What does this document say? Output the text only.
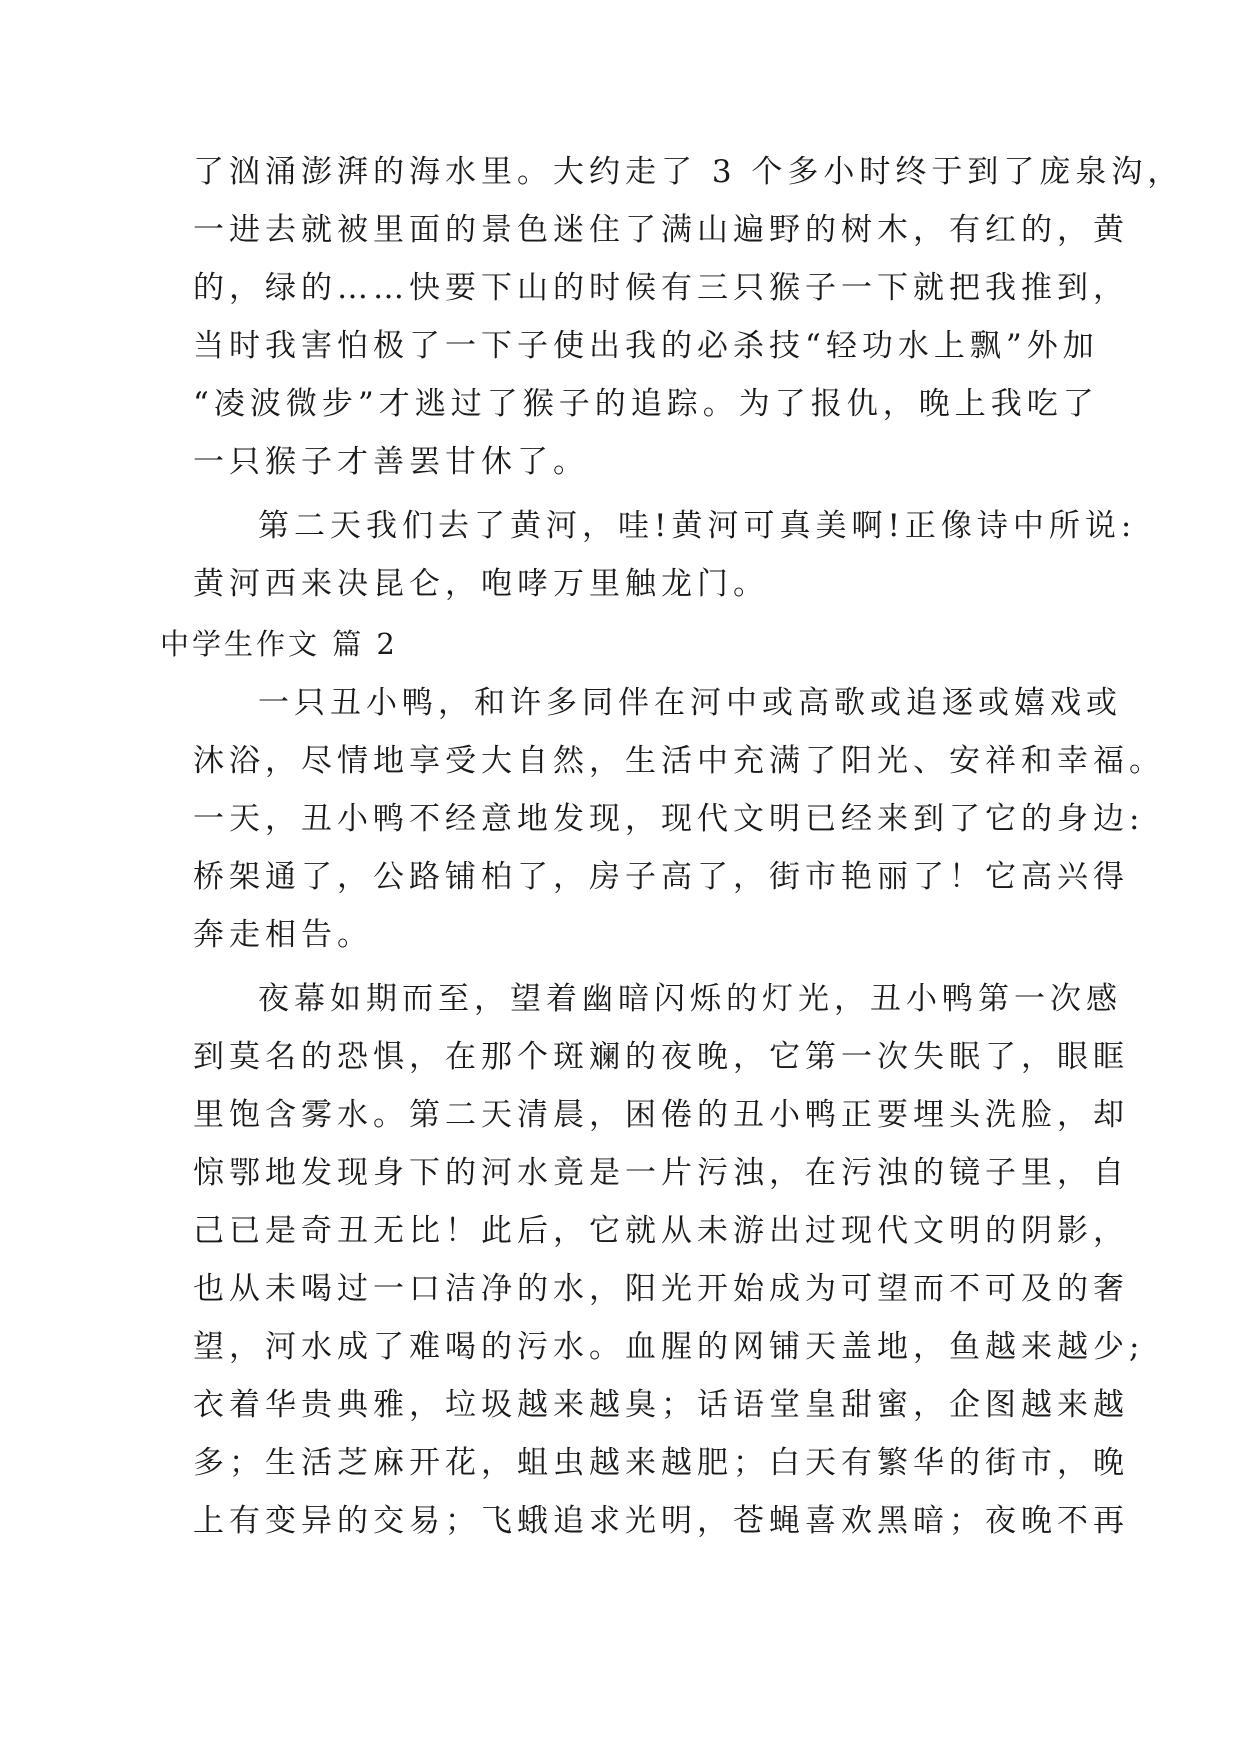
了汹涌澎湃的海水里。大约走了 3 个多小时终于到了庞泉沟，
一进去就被里面的景色迷住了满山遍野的树木，有红的，黄
的，绿的……快要下山的时候有三只猴子一下就把我推到，
当时我害怕极了一下子使出我的必杀技“轻功水上飘”外加
“凌波微步”才逃过了猴子的追踪。为了报仇，晚上我吃了
一只猴子才善罢甘休了。
第二天我们去了黄河，哇!黄河可真美啊!正像诗中所说:
黄河西来决昆仑，咆哮万里触龙门。
中学生作文 篇 2
一只丑小鸭，和许多同伴在河中或高歌或追逐或嬉戏或
沐浴，尽情地享受大自然，生活中充满了阳光、安祥和幸福。
一天，丑小鸭不经意地发现，现代文明已经来到了它的身边:
桥架通了，公路铺柏了，房子高了，街市艳丽了！它高兴得
奔走相告。
夜幕如期而至，望着幽暗闪烁的灯光，丑小鸭第一次感
到莫名的恐惧，在那个斑斓的夜晚，它第一次失眠了，眼眶
里饱含雾水。第二天清晨，困倦的丑小鸭正要埋头洗脸，却
惊鄂地发现身下的河水竟是一片污浊，在污浊的镜子里，自
己已是奇丑无比！此后，它就从未游出过现代文明的阴影，
也从未喝过一口洁净的水，阳光开始成为可望而不可及的奢
望，河水成了难喝的污水。血腥的网铺天盖地，鱼越来越少;
衣着华贵典雅，垃圾越来越臭；话语堂皇甜蜜，企图越来越
多；生活芝麻开花，蛆虫越来越肥；白天有繁华的街市，晚
上有变异的交易；飞蛾追求光明，苍蝇喜欢黑暗；夜晚不再
